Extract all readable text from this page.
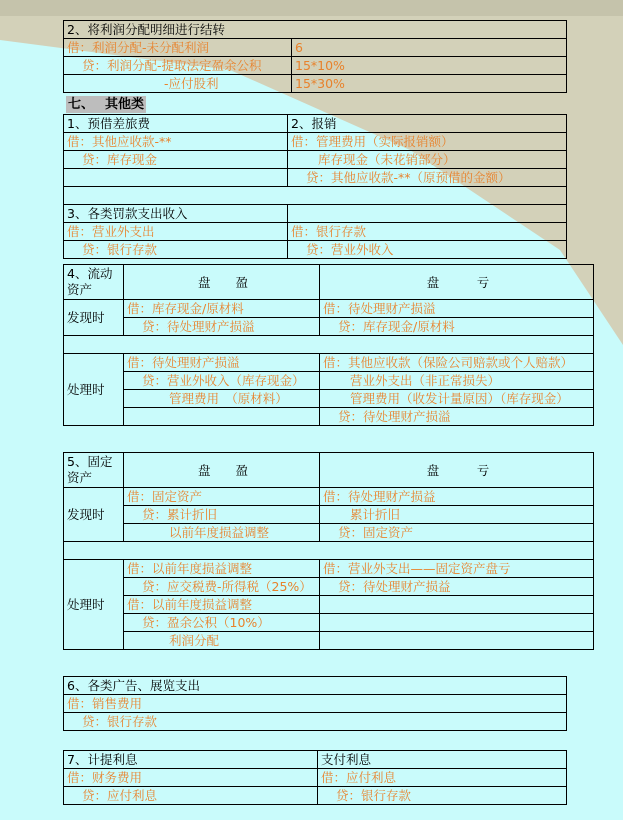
2、将利润分配明细进行结转	
借：利润分配-未分配利润	6
贷：利润分配-提取法定盈余公积	15*10%
-应付股利	15*30%
七、　 其他类
1、预借差旅费	2、报销
借：其他应收款-**	借：管理费用（实际报销额）
贷：库存现金	库存现金（未花销部分）
	贷：其他应收款-**（原预借的金额）

3、各类罚款支出收入	
借：营业外支出	借：银行存款
贷：银行存款	贷：营业外收入
4、流动资产	盘　　盈	盘　　　亏
发现时	借：库存现金/原材料	借：待处理财产损溢
	贷：待处理财产损溢	贷：库存现金/原材料

处理时	借：待处理财产损溢	借：其他应收款（保险公司赔款或个人赔款）
	贷：营业外收入（库存现金）	营业外支出（非正常损失）
	管理费用　（原材料）	管理费用（收发计量原因）（库存现金）
		贷：待处理财产损溢
5、固定资产	盘　　盈	盘　　　亏
发现时	借：固定资产	借：待处理财产损益
	贷：累计折旧	累计折旧
	以前年度损益调整	贷：固定资产

处理时	借：以前年度损益调整	借：营业外支出——固定资产盘亏
	贷：应交税费-所得税（25%）	贷：待处理财产损益
	借：以前年度损益调整	
	贷：盈余公积（10%）	
	利润分配	
6、各类广告、展览支出
借：销售费用
贷：银行存款
7、计提利息	支付利息
借：财务费用	借：应付利息
贷：应付利息	贷：银行存款
